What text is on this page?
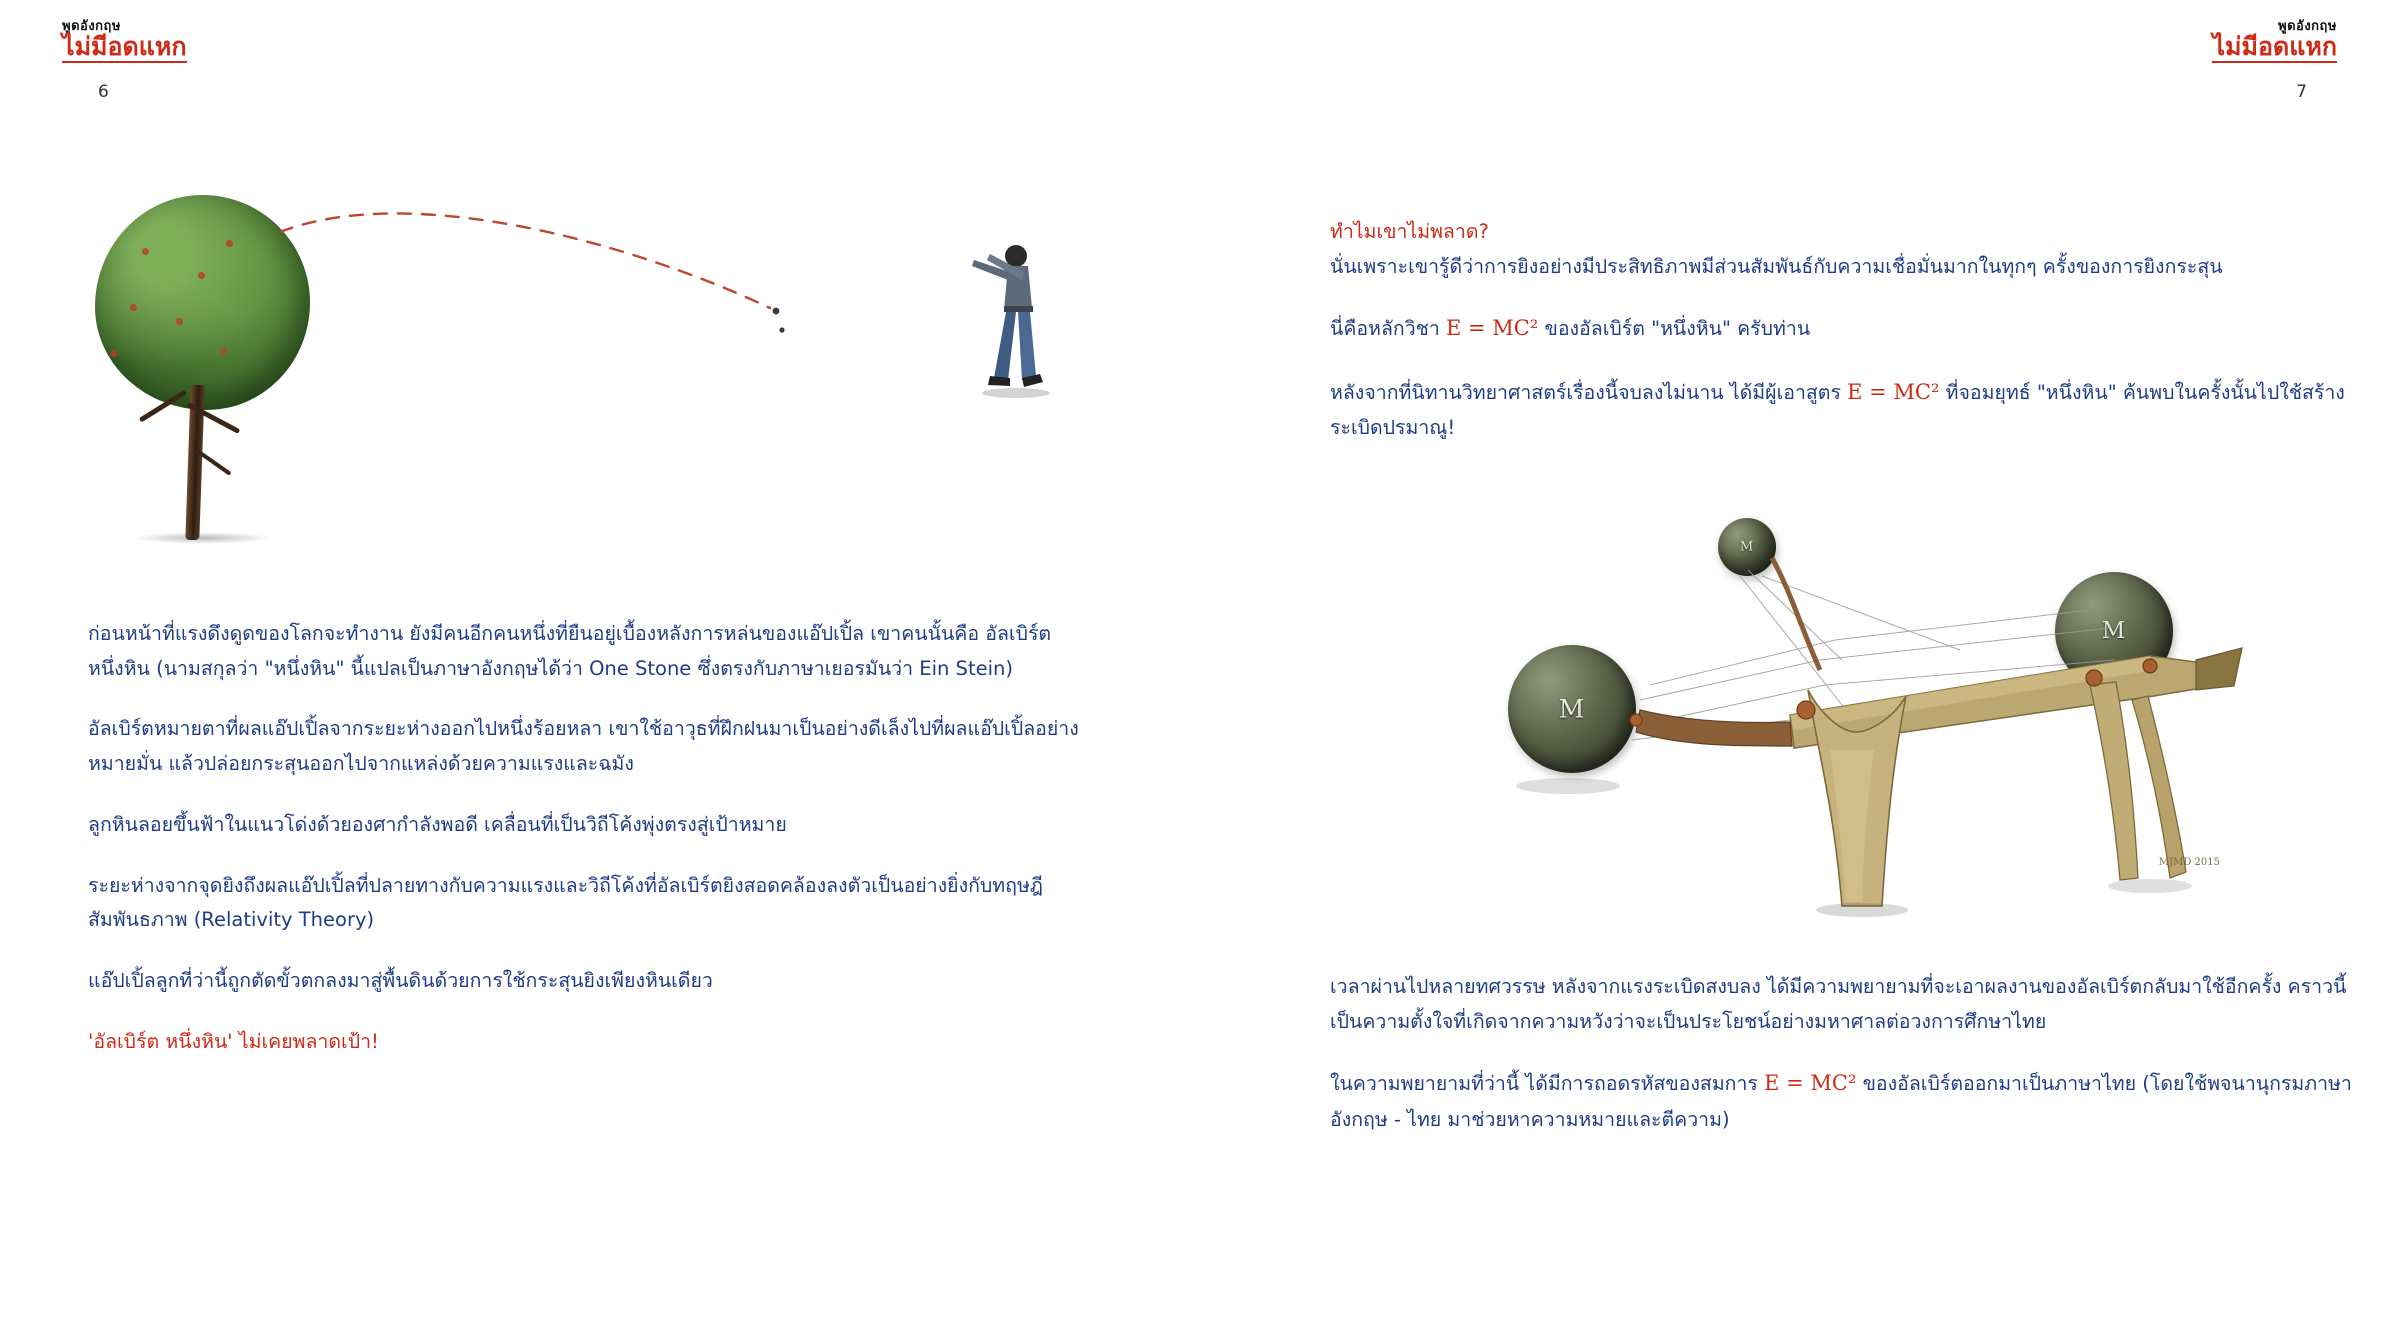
พูดอังกฤษ
ไม่มีอดแหก
6

ก่อนหน้าที่แรงดึงดูดของโลกจะทำงาน ยังมีคนอีกคนหนึ่งที่ยืนอยู่เบื้องหลังการหล่นของแอ๊ปเปิ้ล เขาคนนั้นคือ อัลเบิร์ต หนึ่งหิน (นามสกุลว่า "หนึ่งหิน" นี้แปลเป็นภาษาอังกฤษได้ว่า One Stone ซึ่งตรงกับภาษาเยอรมันว่า Ein Stein)

อัลเบิร์ตหมายตาที่ผลแอ๊ปเปิ้ลจากระยะห่างออกไปหนึ่งร้อยหลา เขาใช้อาวุธที่ฝึกฝนมาเป็นอย่างดีเล็งไปที่ผลแอ๊ปเปิ้ลอย่างหมายมั่น แล้วปล่อยกระสุนออกไปจากแหล่งด้วยความแรงและฉมัง

ลูกหินลอยขึ้นฟ้าในแนวโด่งด้วยองศากำลังพอดี เคลื่อนที่เป็นวิถีโค้งพุ่งตรงสู่เป้าหมาย

ระยะห่างจากจุดยิงถึงผลแอ๊ปเปิ้ลที่ปลายทางกับความแรงและวิถีโค้งที่อัลเบิร์ตยิงสอดคล้องลงตัวเป็นอย่างยิ่งกับทฤษฎีสัมพันธภาพ (Relativity Theory)

แอ๊ปเปิ้ลลูกที่ว่านี้ถูกตัดขั้วตกลงมาสู่พื้นดินด้วยการใช้กระสุนยิงเพียงหินเดียว

'อัลเบิร์ต หนึ่งหิน' ไม่เคยพลาดเป้า!

พูดอังกฤษ
ไม่มีอดแหก
7

ทำไมเขาไม่พลาด?

นั่นเพราะเขารู้ดีว่าการยิงอย่างมีประสิทธิภาพมีส่วนสัมพันธ์กับความเชื่อมั่นมากในทุกๆ ครั้งของการยิงกระสุน

นี่คือหลักวิชา E = MC² ของอัลเบิร์ต "หนึ่งหิน" ครับท่าน

หลังจากที่นิทานวิทยาศาสตร์เรื่องนี้จบลงไม่นาน ได้มีผู้เอาสูตร E = MC² ที่จอมยุทธ์ "หนึ่งหิน" ค้นพบในครั้งนั้นไปใช้สร้างระเบิดปรมาณู!

M
M
M
MJMD 2015

เวลาผ่านไปหลายทศวรรษ หลังจากแรงระเบิดสงบลง ได้มีความพยายามที่จะเอาผลงานของอัลเบิร์ตกลับมาใช้อีกครั้ง คราวนี้เป็นความตั้งใจที่เกิดจากความหวังว่าจะเป็นประโยชน์อย่างมหาศาลต่อวงการศึกษาไทย

ในความพยายามที่ว่านี้ ได้มีการถอดรหัสของสมการ E = MC² ของอัลเบิร์ตออกมาเป็นภาษาไทย (โดยใช้พจนานุกรมภาษาอังกฤษ - ไทย มาช่วยหาความหมายและตีความ)
